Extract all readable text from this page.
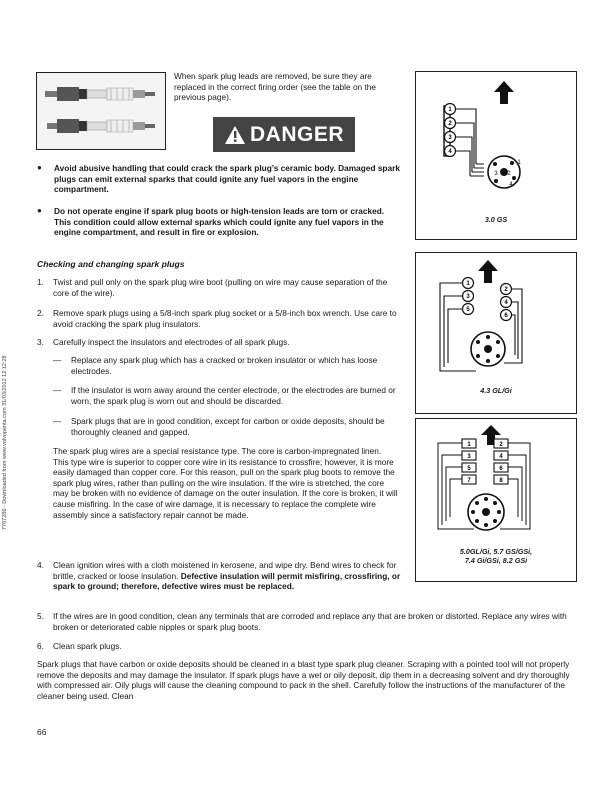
7767286 - Downloaded from www.volvopenta.com 31/03/2012 12:12:28
When spark plug leads are removed, be sure they are replaced in the correct firing order (see the table on the previous page).
DANGER
● Avoid abusive handling that could crack the spark plug’s ceramic body. Damaged spark plugs can emit external sparks that could ignite any fuel vapors in the engine compartment.
● Do not operate engine if spark plug boots or high-tension leads are torn or cracked. This condition could allow external sparks which could ignite any fuel vapors in the engine compartment, and result in fire or explosion.
Checking and changing spark plugs
1. Twist and pull only on the spark plug wire boot (pulling on wire may cause separation of the core of the wire).
2. Remove spark plugs using a 5/8-inch spark plug socket or a 5/8-inch box wrench. Use care to avoid cracking the spark plug insulators.
3. Carefully inspect the insulators and electrodes of all spark plugs.
— Replace any spark plug which has a cracked or broken insulator or which has loose electrodes.
— If the insulator is worn away around the center electrode, or the electrodes are burned or worn, the spark plug is worn out and should be discarded.
— Spark plugs that are in good condition, except for carbon or oxide deposits, should be thoroughly cleaned and gapped.
The spark plug wires are a special resistance type. The core is carbon-impregnated linen. This type wire is superior to copper core wire in its resistance to crossfire; however, it is more easily damaged than copper core. For this reason, pull on the spark plug boots to remove the spark plug wires, rather than pulling on the wire insulation. If the wire is stretched, the core may be broken with no evidence of damage on the outer insulation. If the core is broken, it will cause misfiring. In the case of wire damage, it is necessary to replace the complete wire assembly since a satisfactory repair cannot be made.
4. Clean ignition wires with a cloth moistened in kerosene, and wipe dry. Bend wires to check for brittle, cracked or loose insulation. Defective insulation will permit misfiring, crossfiring, or spark to ground; therefore, defective wires must be replaced.
5. If the wires are in good condition, clean any terminals that are corroded and replace any that are broken or distorted. Replace any wires with broken or deteriorated cable nipples or spark plug boots.
6. Clean spark plugs.
Spark plugs that have carbon or oxide deposits should be cleaned in a blast type spark plug cleaner. Scraping with a pointed tool will not properly remove the deposits and may damage the insulator. If spark plugs have a wet or oily deposit, dip them in a decreasing solvent and dry thoroughly with compressed air. Oily plugs will cause the cleaning compound to pack in the shell. Carefully follow the instructions of the manufacturer of the cleaner being used. Clean
66
1
2
3
4
1
2
3
4
3.0 GS
1
3
5
2
4
6
4.3 GL/Gi
1
3
5
7
2
4
6
8
5.0GL/Gi, 5.7 GS/GSi,
7.4 Gi/GSi, 8.2 GSi
